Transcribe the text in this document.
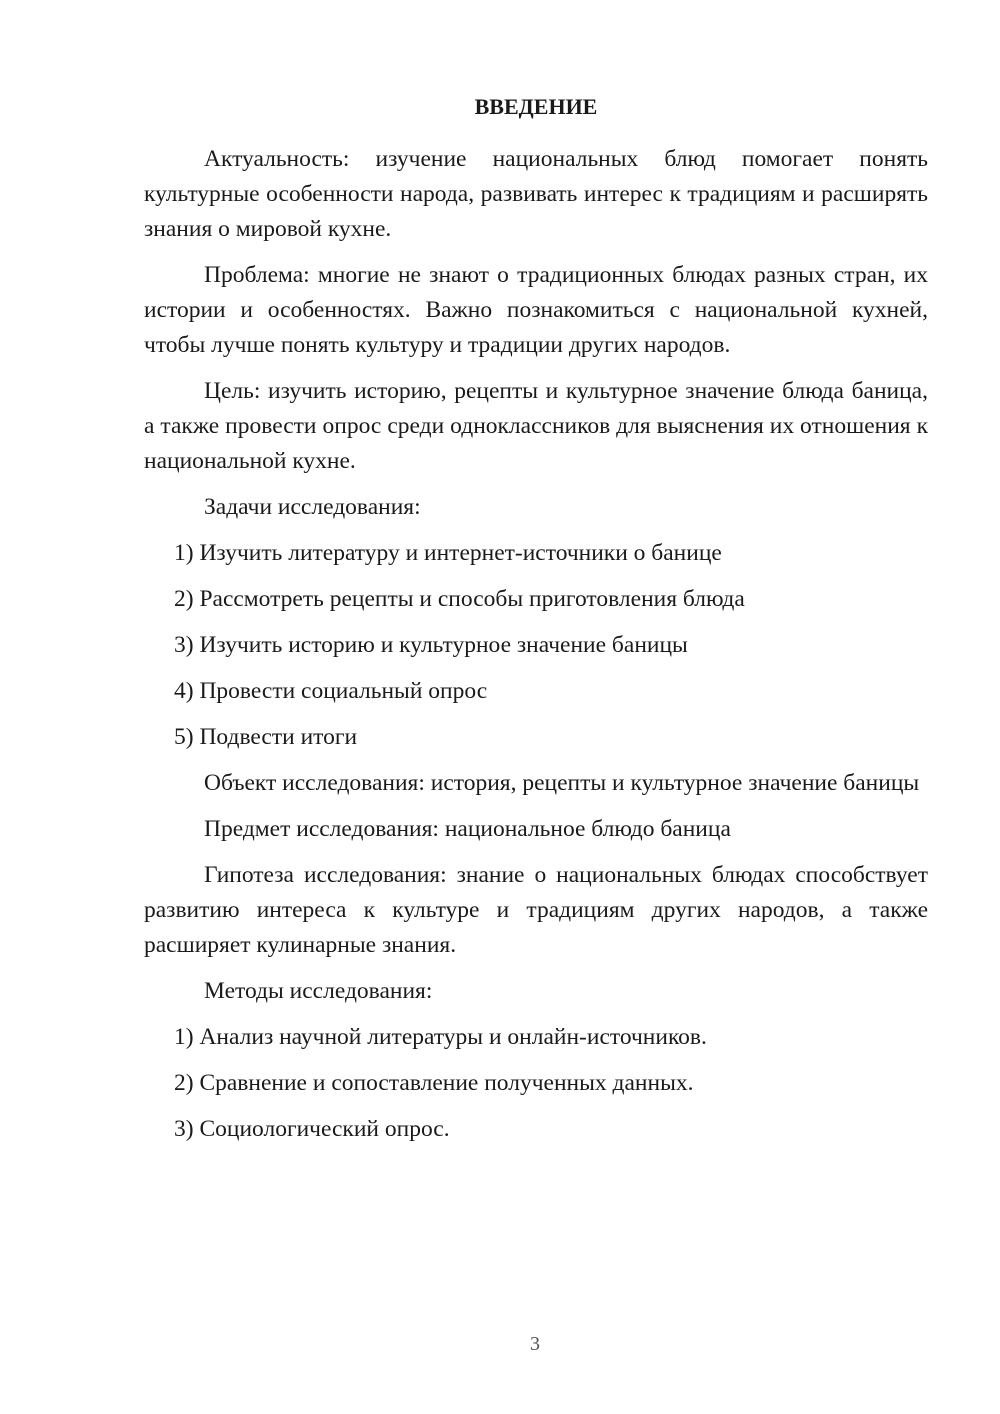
ВВЕДЕНИЕ
Актуальность: изучение национальных блюд помогает понять культурные особенности народа, развивать интерес к традициям и расширять знания о мировой кухне.
Проблема: многие не знают о традиционных блюдах разных стран, их истории и особенностях. Важно познакомиться с национальной кухней, чтобы лучше понять культуру и традиции других народов.
Цель: изучить историю, рецепты и культурное значение блюда баница, а также провести опрос среди одноклассников для выяснения их отношения к национальной кухне.
Задачи исследования:
1) Изучить литературу и интернет-источники о банице
2) Рассмотреть рецепты и способы приготовления блюда
3) Изучить историю и культурное значение баницы
4) Провести социальный опрос
5) Подвести итоги
Объект исследования: история, рецепты и культурное значение баницы
Предмет исследования: национальное блюдо баница
Гипотеза исследования: знание о национальных блюдах способствует развитию интереса к культуре и традициям других народов, а также расширяет кулинарные знания.
Методы исследования:
1) Анализ научной литературы и онлайн-источников.
2) Сравнение и сопоставление полученных данных.
3) Социологический опрос.
3
